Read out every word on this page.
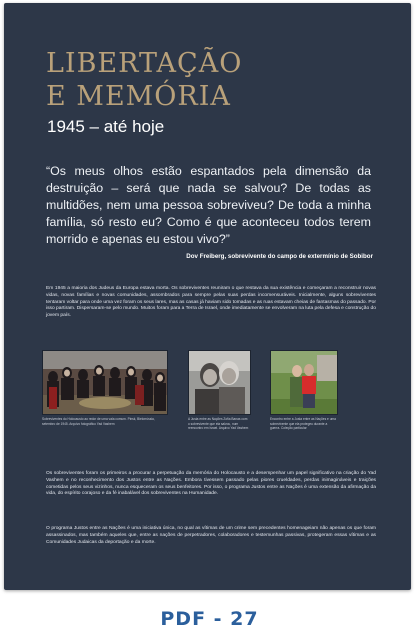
LIBERTAÇÃO
E MEMÓRIA

1945 – até hoje

“Os meus olhos estão espantados pela dimensão da destruição – será que nada se salvou? De todas as multidões, nem uma pessoa sobreviveu? De toda a minha família, só resto eu? Como é que aconteceu todos terem morrido e apenas eu estou vivo?”

Dov Freiberg, sobrevivente do campo de extermínio de Sobibor

Em 1945 a maioria dos Judeus da Europa estava morta. Os sobreviventes reuniram o que restava da sua existência e começaram a reconstruir novas vidas, novas famílias e novas comunidades, assombrados para sempre pelas suas perdas incomensuráveis. Inicialmente, alguns sobreviventes tentaram voltar para onde uma vez foram os seus lares, mas as casas já haviam sido tomadas e as ruas estavam cheias de fantasmas do passado. Por isso partiram. Dispersaram-se pelo mundo. Muitos foram para a Terra de Israel, onde imediatamente se envolveram na luta pela defesa e construção do jovem país.

Sobreviventes do Holocausto ao redor de uma vala comum. Pinsk, Bielorrússia, setembro de 1945. Arquivo fotográfico Yad Vashem

A Justa entre as Nações Zofia Banas com o sobrevivente que ela salvou, num reencontro em Israel. Arquivo Yad Vashem

Encontro entre a Justa entre as Nações e uma sobrevivente que ela protegeu durante a guerra. Coleção particular

Os sobreviventes foram os primeiros a procurar a perpetuação da memória do Holocausto e a desempenhar um papel significativo na criação do Yad Vashem e no reconhecimento dos Justos entre as Nações. Embora tivessem passado pelas piores crueldades, perdas inimagináveis e traições cometidas pelos seus vizinhos, nunca esqueceram os seus benfeitores. Por isso, o programa Justos entre as Nações é uma extensão da afirmação da vida, do espírito corajoso e da fé inabalável dos sobreviventes na Humanidade.

O programa Justos entre as Nações é uma iniciativa única, no qual as vítimas de um crime sem precedentes homenageiam não apenas os que foram assassinados, mas também aqueles que, entre as nações de perpetradores, colaboradores e testemunhas passivas, protegeram essas vítimas e as Comunidades Judaicas da deportação e da morte.

PDF - 27
